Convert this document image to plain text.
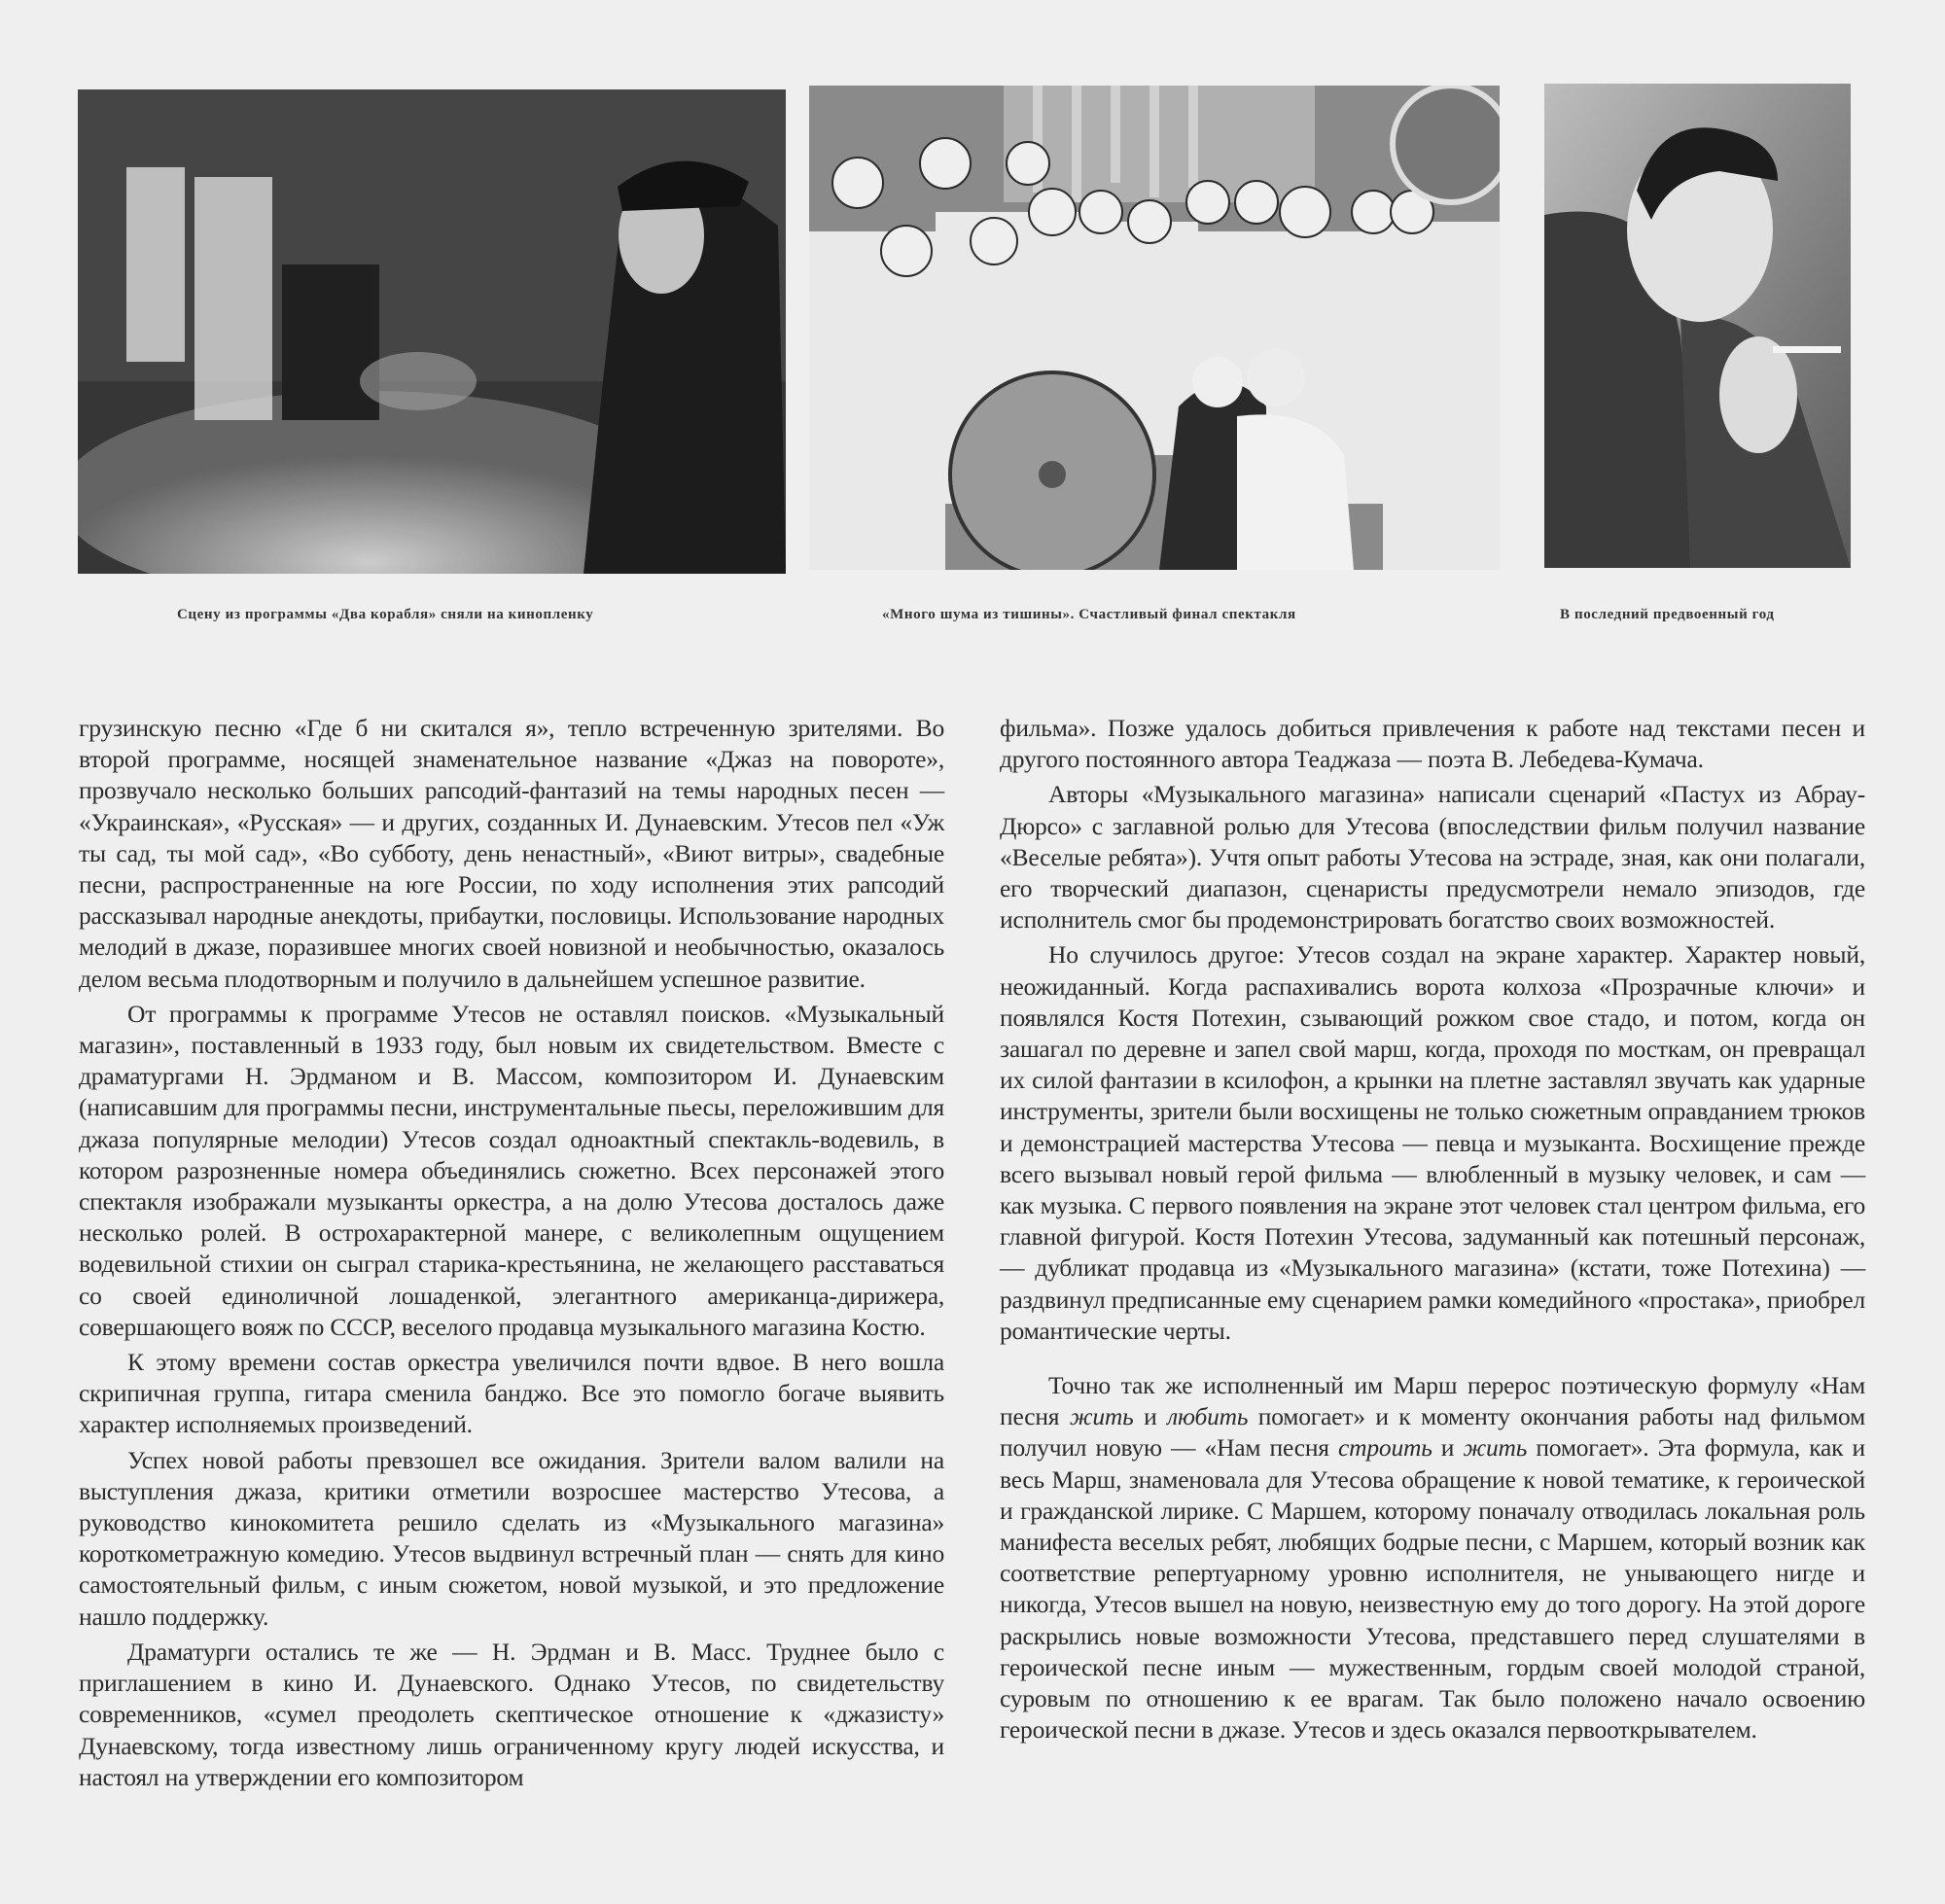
Сцену из программы «Два корабля» сняли на кинопленку	«Много шума из тишины». Счастливый финал спектакля	В последний предвоенный год

грузинскую песню «Где б ни скитался я», тепло встреченную зрителями. Во второй программе, носящей знаменательное название «Джаз на повороте», прозвучало несколько больших рапсодий-фантазий на темы народных песен — «Украинская», «Русская» — и других, созданных И. Дунаевским. Утесов пел «Уж ты сад, ты мой сад», «Во субботу, день ненастный», «Виют витры», свадебные песни, распространенные на юге России, по ходу исполнения этих рапсодий рассказывал народные анекдоты, прибаутки, пословицы. Использование народных мелодий в джазе, поразившее многих своей новизной и необычностью, оказалось делом весьма плодотворным и получило в дальнейшем успешное развитие.

От программы к программе Утесов не оставлял поисков. «Музыкальный магазин», поставленный в 1933 году, был новым их свидетельством. Вместе с драматургами Н. Эрдманом и В. Массом, композитором И. Дунаевским (написавшим для программы песни, инструментальные пьесы, переложившим для джаза популярные мелодии) Утесов создал одноактный спектакль-водевиль, в котором разрозненные номера объединялись сюжетно. Всех персонажей этого спектакля изображали музыканты оркестра, а на долю Утесова досталось даже несколько ролей. В острохарактерной манере, с великолепным ощущением водевильной стихии он сыграл старика-крестьянина, не желающего расставаться со своей единоличной лошаденкой, элегантного американца-дирижера, совершающего вояж по СССР, веселого продавца музыкального магазина Костю.

К этому времени состав оркестра увеличился почти вдвое. В него вошла скрипичная группа, гитара сменила банджо. Все это помогло богаче выявить характер исполняемых произведений.

Успех новой работы превзошел все ожидания. Зрители валом валили на выступления джаза, критики отметили возросшее мастерство Утесова, а руководство кинокомитета решило сделать из «Музыкального магазина» короткометражную комедию. Утесов выдвинул встречный план — снять для кино самостоятельный фильм, с иным сюжетом, новой музыкой, и это предложение нашло поддержку.

Драматурги остались те же — Н. Эрдман и В. Масс. Труднее было с приглашением в кино И. Дунаевского. Однако Утесов, по свидетельству современников, «сумел преодолеть скептическое отношение к «джазисту» Дунаевскому, тогда известному лишь ограниченному кругу людей искусства, и настоял на утверждении его композитором

фильма». Позже удалось добиться привлечения к работе над текстами песен и другого постоянного автора Теаджаза — поэта В. Лебедева-Кумача.

Авторы «Музыкального магазина» написали сценарий «Пастух из Абрау-Дюрсо» с заглавной ролью для Утесова (впоследствии фильм получил название «Веселые ребята»). Учтя опыт работы Утесова на эстраде, зная, как они полагали, его творческий диапазон, сценаристы предусмотрели немало эпизодов, где исполнитель смог бы продемонстрировать богатство своих возможностей.

Но случилось другое: Утесов создал на экране характер. Характер новый, неожиданный. Когда распахивались ворота колхоза «Прозрачные ключи» и появлялся Костя Потехин, сзывающий рожком свое стадо, и потом, когда он зашагал по деревне и запел свой марш, когда, проходя по мосткам, он превращал их силой фантазии в ксилофон, а крынки на плетне заставлял звучать как ударные инструменты, зрители были восхищены не только сюжетным оправданием трюков и демонстрацией мастерства Утесова — певца и музыканта. Восхищение прежде всего вызывал новый герой фильма — влюбленный в музыку человек, и сам — как музыка. С первого появления на экране этот человек стал центром фильма, его главной фигурой. Костя Потехин Утесова, задуманный как потешный персонаж, — дубликат продавца из «Музыкального магазина» (кстати, тоже Потехина) — раздвинул предписанные ему сценарием рамки комедийного «простака», приобрел романтические черты.

Точно так же исполненный им Марш перерос поэтическую формулу «Нам песня жить и любить помогает» и к моменту окончания работы над фильмом получил новую — «Нам песня строить и жить помогает». Эта формула, как и весь Марш, знаменовала для Утесова обращение к новой тематике, к героической и гражданской лирике. С Маршем, которому поначалу отводилась локальная роль манифеста веселых ребят, любящих бодрые песни, с Маршем, который возник как соответствие репертуарному уровню исполнителя, не унывающего нигде и никогда, Утесов вышел на новую, неизвестную ему до того дорогу. На этой дороге раскрылись новые возможности Утесова, представшего перед слушателями в героической песне иным — мужественным, гордым своей молодой страной, суровым по отношению к ее врагам. Так было положено начало освоению героической песни в джазе. Утесов и здесь оказался первооткрывателем.
